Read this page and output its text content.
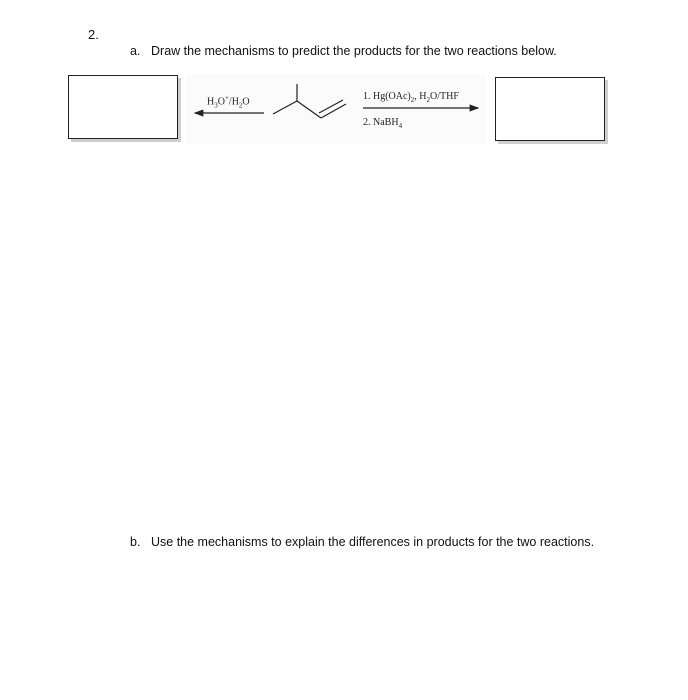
2.
a. Draw the mechanisms to predict the products for the two reactions below.
$H_3O^+/H_2O$	1. $Hg(OAc)_2$, $H_2O$/THF
2. NaBH$_4$
b. Use the mechanisms to explain the differences in products for the two reactions.
